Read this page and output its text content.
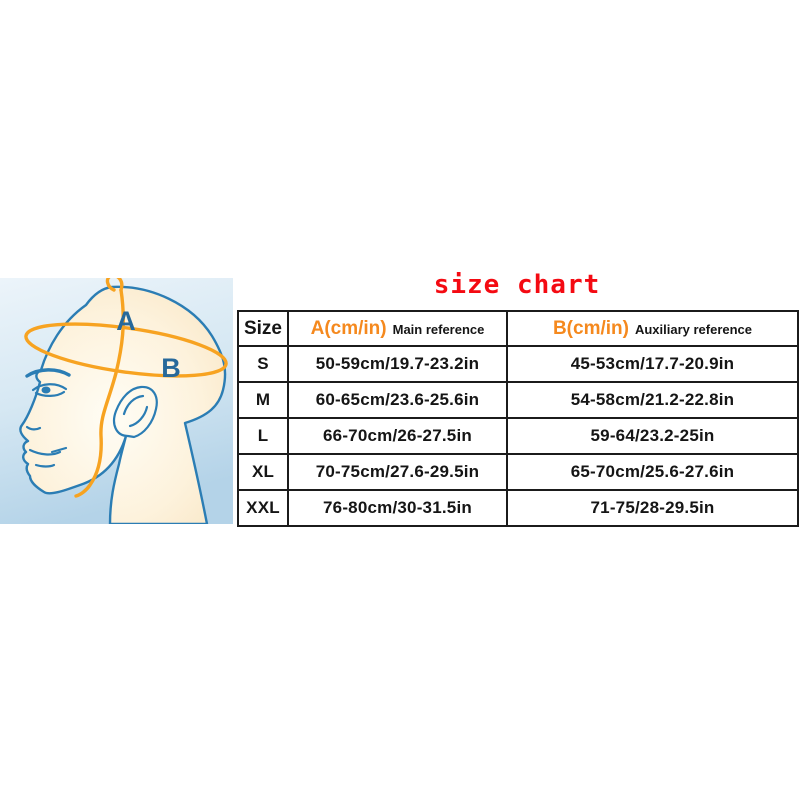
A
B
size chart
Size	A(cm/in) Main reference	B(cm/in) Auxiliary reference
S	50-59cm/19.7-23.2in	45-53cm/17.7-20.9in
M	60-65cm/23.6-25.6in	54-58cm/21.2-22.8in
L	66-70cm/26-27.5in	59-64/23.2-25in
XL	70-75cm/27.6-29.5in	65-70cm/25.6-27.6in
XXL	76-80cm/30-31.5in	71-75/28-29.5in
